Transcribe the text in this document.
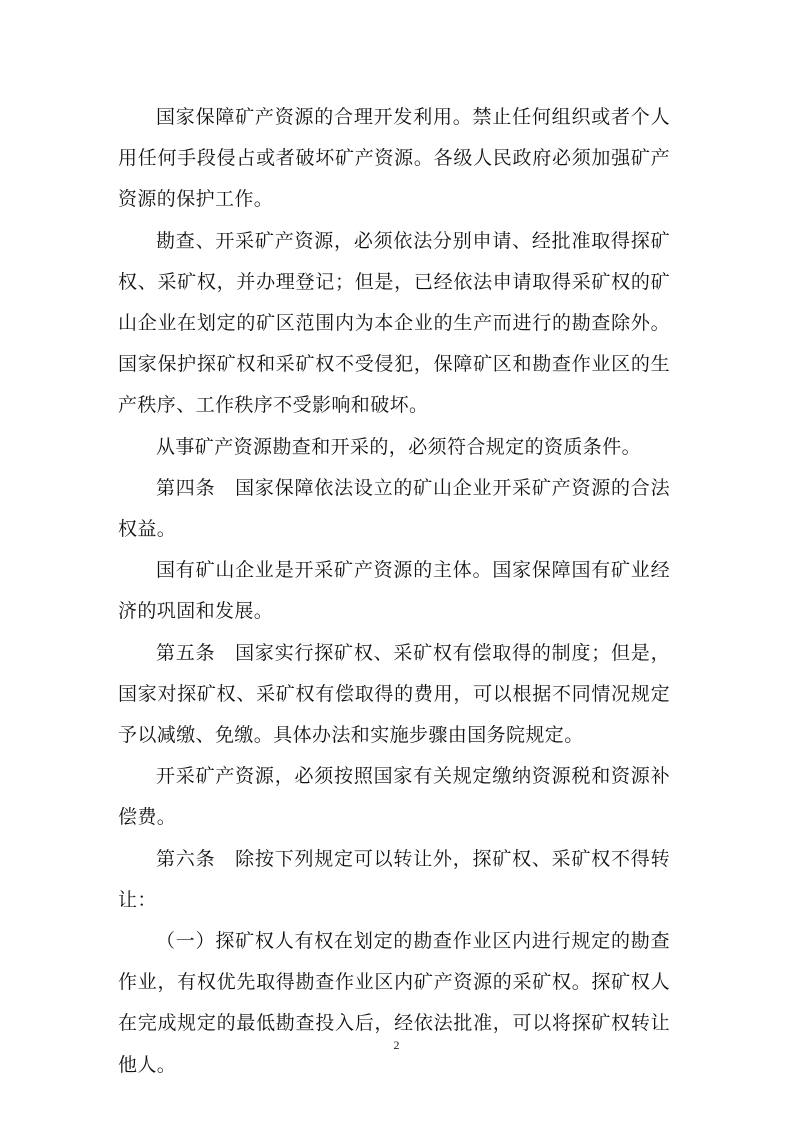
国家保障矿产资源的合理开发利用。禁止任何组织或者个人用任何手段侵占或者破坏矿产资源。各级人民政府必须加强矿产资源的保护工作。

勘查、开采矿产资源，必须依法分别申请、经批准取得探矿权、采矿权，并办理登记；但是，已经依法申请取得采矿权的矿山企业在划定的矿区范围内为本企业的生产而进行的勘查除外。国家保护探矿权和采矿权不受侵犯，保障矿区和勘查作业区的生产秩序、工作秩序不受影响和破坏。

从事矿产资源勘查和开采的，必须符合规定的资质条件。

第四条　国家保障依法设立的矿山企业开采矿产资源的合法权益。

国有矿山企业是开采矿产资源的主体。国家保障国有矿业经济的巩固和发展。

第五条　国家实行探矿权、采矿权有偿取得的制度；但是，国家对探矿权、采矿权有偿取得的费用，可以根据不同情况规定予以减缴、免缴。具体办法和实施步骤由国务院规定。

开采矿产资源，必须按照国家有关规定缴纳资源税和资源补偿费。

第六条　除按下列规定可以转让外，探矿权、采矿权不得转让：

（一）探矿权人有权在划定的勘查作业区内进行规定的勘查作业，有权优先取得勘查作业区内矿产资源的采矿权。探矿权人在完成规定的最低勘查投入后，经依法批准，可以将探矿权转让他人。

2
